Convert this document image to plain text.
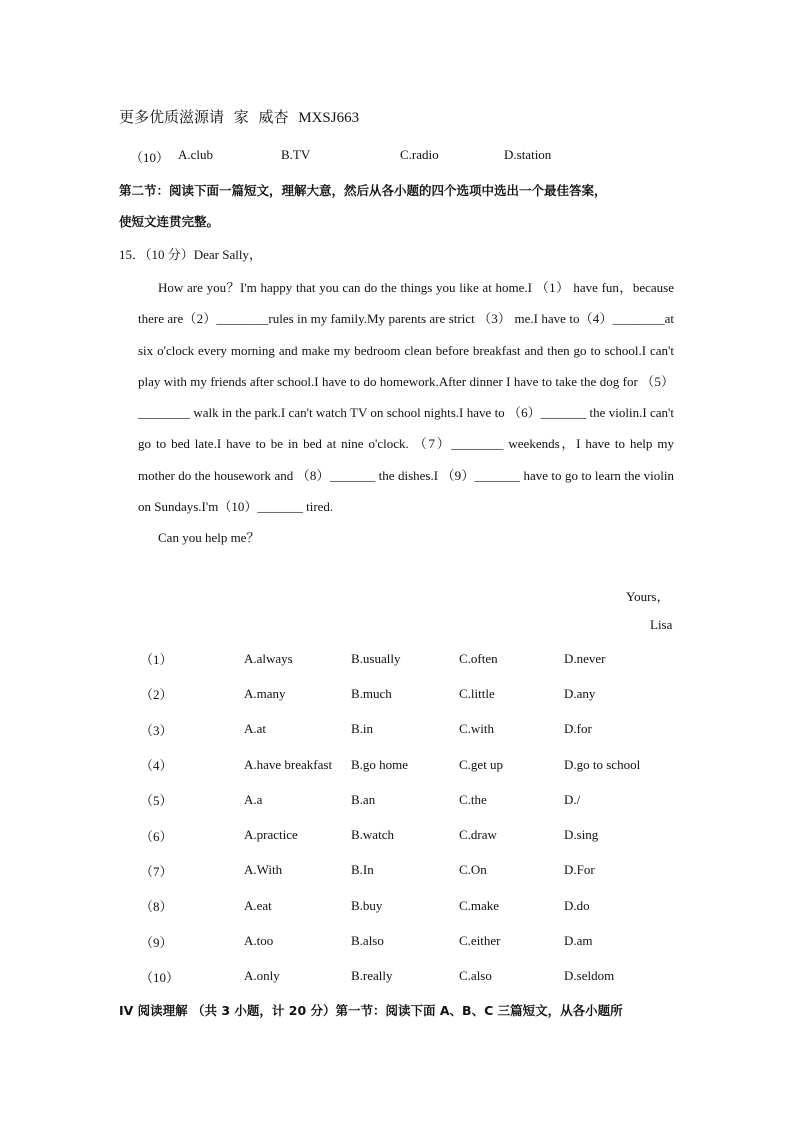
更多优质滋源请 家 威杏 MXSJ663
（10） A.club	B.TV	C.radio	D.station
第二节：阅读下面一篇短文，理解大意，然后从各小题的四个选项中选出一个最佳答案，
使短文连贯完整。
15．（10 分）Dear Sally，

How are you？I'm happy that you can do the things you like at home.I （1） have fun，because there are（2）________rules in my family.My parents are strict （3） me.I have to（4）________at six o'clock every morning and make my bedroom clean before breakfast and then go to school.I can't play with my friends after school.I have to do homework.After dinner I have to take the dog for （5）________ walk in the park.I can't watch TV on school nights.I have to （6）_______ the violin.I can't go to bed late.I have to be in bed at nine o'clock. （7）________ weekends，I have to help my mother do the housework and （8）_______ the dishes.I （9）_______ have to go to learn the violin on Sundays.I'm（10）_______ tired.

Can you help me？

Yours，
Lisa
（1）	A.always	B.usually	C.often	D.never
（2）	A.many	B.much	C.little	D.any
（3）	A.at	B.in	C.with	D.for
（4）	A.have breakfast	B.go home	C.get up	D.go to school
（5）	A.a	B.an	C.the	D./
（6）	A.practice	B.watch	C.draw	D.sing
（7）	A.With	B.In	C.On	D.For
（8）	A.eat	B.buy	C.make	D.do
（9）	A.too	B.also	C.either	D.am
（10）	A.only	B.really	C.also	D.seldom
IV 阅读理解 （共 3 小题，计 20 分）第一节：阅读下面 A、B、C 三篇短文，从各小题所
